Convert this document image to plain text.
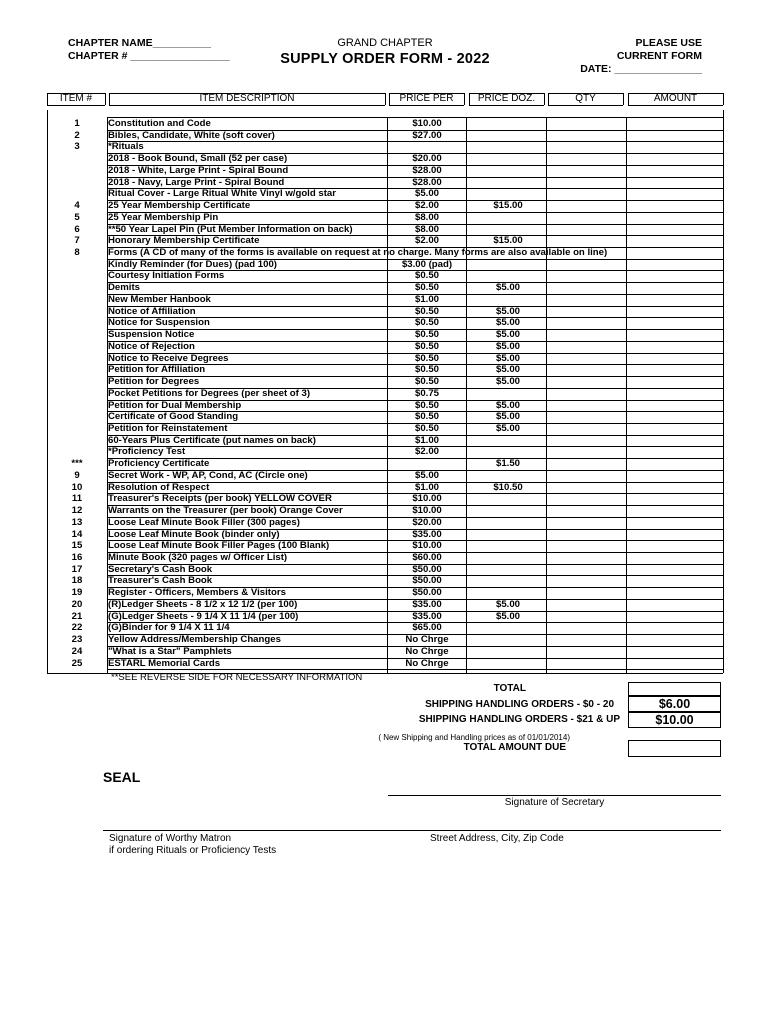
CHAPTER NAME__________
CHAPTER # _________________
GRAND CHAPTER
SUPPLY ORDER FORM - 2022
PLEASE USE
CURRENT FORM
DATE: _______________
ITEM #	ITEM DESCRIPTION	PRICE PER	PRICE DOZ.	QTY	AMOUNT
1	Constitution and Code	$10.00
2	Bibles, Candidate, White (soft cover)	$27.00
3	*Rituals
2018 - Book Bound, Small (52 per case)	$20.00
2018 - White, Large Print - Spiral Bound	$28.00
2018 - Navy, Large Print - Spiral Bound	$28.00
Ritual Cover - Large Ritual White Vinyl w/gold star	$5.00
4	25 Year Membership Certificate	$2.00	$15.00
5	25 Year Membership Pin	$8.00
6	**50 Year Lapel Pin (Put Member Information on back)	$8.00
7	Honorary Membership Certificate	$2.00	$15.00
8	Forms (A CD of many of the forms is available on request at no charge. Many forms are also available on line)
Kindly Reminder (for Dues) (pad 100)	$3.00 (pad)
Courtesy Initiation Forms	$0.50
Demits	$0.50	$5.00
New Member Hanbook	$1.00
Notice of Affiliation	$0.50	$5.00
Notice for Suspension	$0.50	$5.00
Suspension Notice	$0.50	$5.00
Notice of Rejection	$0.50	$5.00
Notice to Receive Degrees	$0.50	$5.00
Petition for Affiliation	$0.50	$5.00
Petition for Degrees	$0.50	$5.00
Pocket Petitions for Degrees (per sheet of 3)	$0.75
Petition for Dual Membership	$0.50	$5.00
Certificate of Good Standing	$0.50	$5.00
Petition for Reinstatement	$0.50	$5.00
60-Years Plus Certificate (put names on back)	$1.00
*Proficiency Test	$2.00
***	Proficiency Certificate	$1.50
9	Secret Work - WP, AP, Cond, AC (Circle one)	$5.00
10	Resolution of Respect	$1.00	$10.50
11	Treasurer's Receipts (per book) YELLOW COVER	$10.00
12	Warrants on the Treasurer (per book) Orange Cover	$10.00
13	Loose Leaf Minute Book Filler (300 pages)	$20.00
14	Loose Leaf Minute Book (binder only)	$35.00
15	Loose Leaf Minute Book Filler Pages (100 Blank)	$10.00
16	Minute Book (320 pages w/ Officer List)	$60.00
17	Secretary's Cash Book	$50.00
18	Treasurer's Cash Book	$50.00
19	Register - Officers, Members & Visitors	$50.00
20	(R)Ledger Sheets - 8 1/2 x 12 1/2 (per 100)	$35.00	$5.00
21	(G)Ledger Sheets - 9 1/4 X 11 1/4 (per 100)	$35.00	$5.00
22	(G)Binder for 9 1/4 X 11 1/4	$65.00
23	Yellow Address/Membership Changes	No Chrge
24	"What is a Star" Pamphlets	No Chrge
25	ESTARL Memorial Cards	No Chrge
**SEE REVERSE SIDE FOR NECESSARY INFORMATION
TOTAL
SHIPPING HANDLING ORDERS - $0 - 20	$6.00
SHIPPING HANDLING ORDERS - $21 & UP	$10.00
( New Shipping and Handling prices as of 01/01/2014)
TOTAL AMOUNT DUE
SEAL
Signature of Secretary
Signature of Worthy Matron
if ordering Rituals or Proficiency Tests
Street Address, City, Zip Code
